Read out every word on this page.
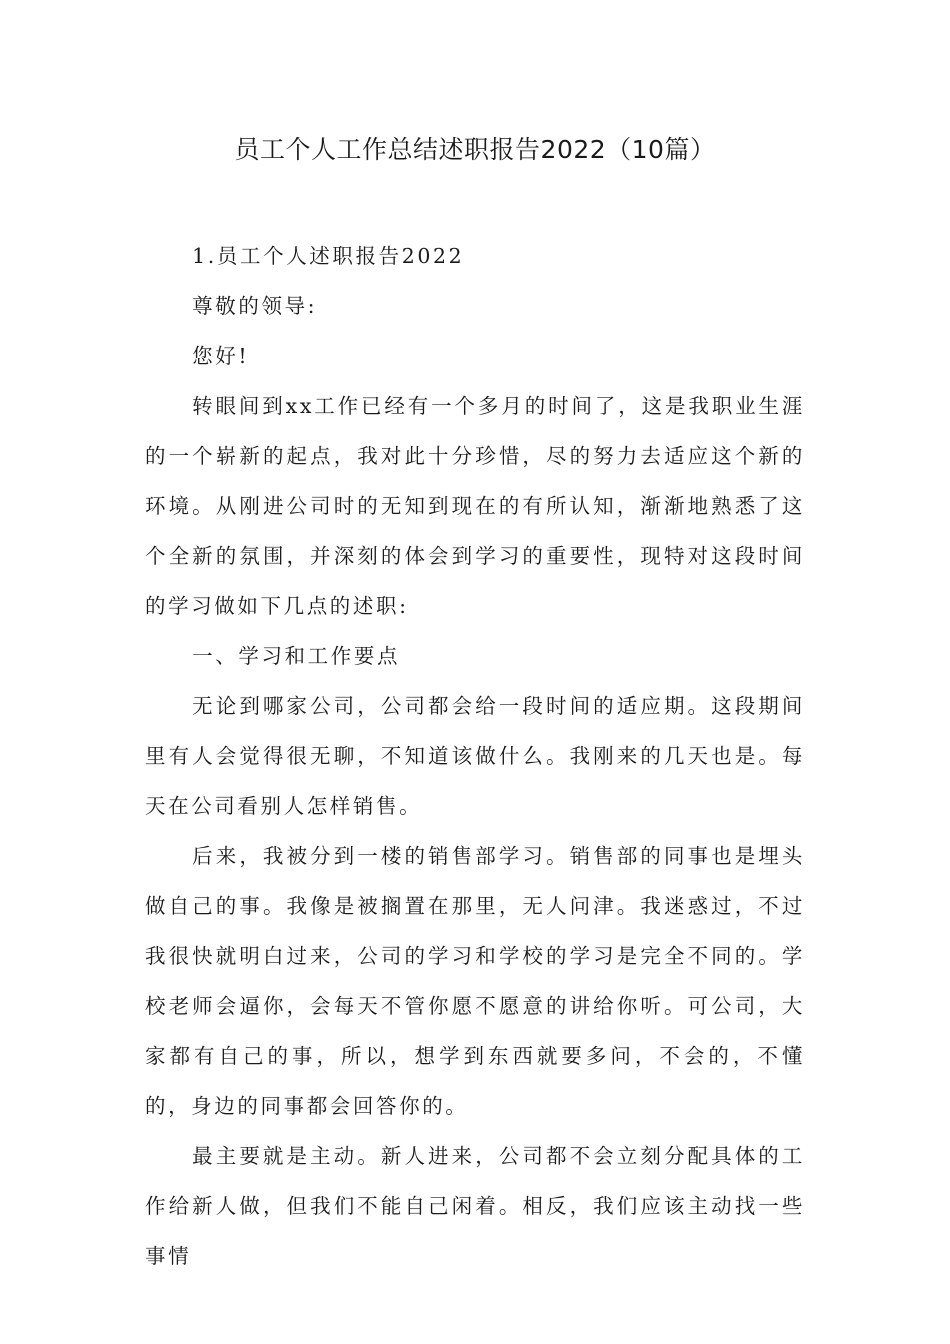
员工个人工作总结述职报告2022（10篇）

1.员工个人述职报告2022

尊敬的领导:

您好!

转眼间到xx工作已经有一个多月的时间了，这是我职业生涯的一个崭新的起点，我对此十分珍惜，尽的努力去适应这个新的环境。从刚进公司时的无知到现在的有所认知，渐渐地熟悉了这个全新的氛围，并深刻的体会到学习的重要性，现特对这段时间的学习做如下几点的述职:

一、学习和工作要点

无论到哪家公司，公司都会给一段时间的适应期。这段期间里有人会觉得很无聊，不知道该做什么。我刚来的几天也是。每天在公司看别人怎样销售。

后来，我被分到一楼的销售部学习。销售部的同事也是埋头做自己的事。我像是被搁置在那里，无人问津。我迷惑过，不过我很快就明白过来，公司的学习和学校的学习是完全不同的。学校老师会逼你，会每天不管你愿不愿意的讲给你听。可公司，大家都有自己的事，所以，想学到东西就要多问，不会的，不懂的，身边的同事都会回答你的。

最主要就是主动。新人进来，公司都不会立刻分配具体的工作给新人做，但我们不能自己闲着。相反，我们应该主动找一些事情
